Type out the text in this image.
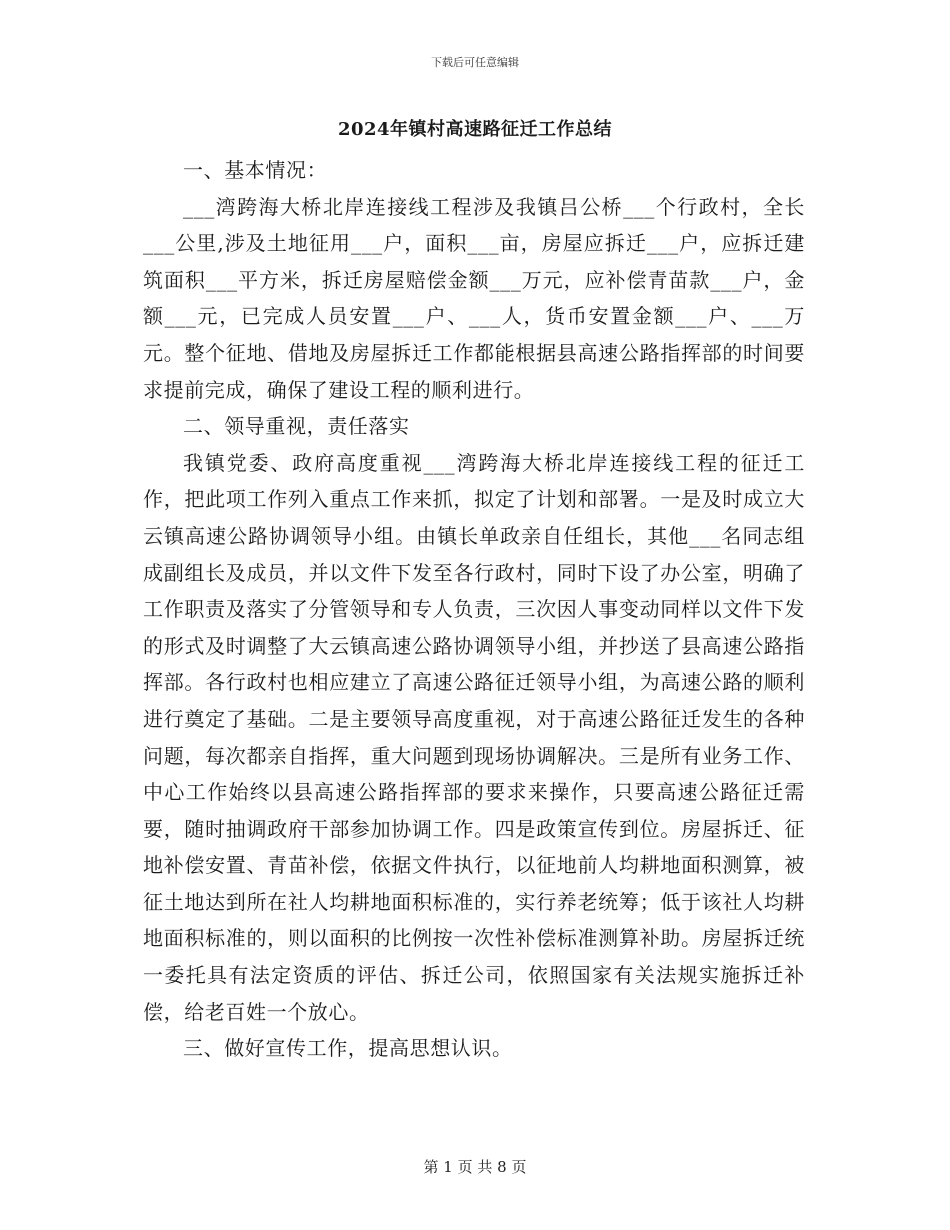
下载后可任意编辑
2024年镇村高速路征迁工作总结

一、基本情况：

___湾跨海大桥北岸连接线工程涉及我镇吕公桥___个行政村，全长___公里,涉及土地征用___户，面积___亩，房屋应拆迁___户，应拆迁建筑面积___平方米，拆迁房屋赔偿金额___万元，应补偿青苗款___户，金额___元，已完成人员安置___户、___人，货币安置金额___户、___万元。整个征地、借地及房屋拆迁工作都能根据县高速公路指挥部的时间要求提前完成，确保了建设工程的顺利进行。

二、领导重视，责任落实

我镇党委、政府高度重视___湾跨海大桥北岸连接线工程的征迁工作，把此项工作列入重点工作来抓，拟定了计划和部署。一是及时成立大云镇高速公路协调领导小组。由镇长单政亲自任组长，其他___名同志组成副组长及成员，并以文件下发至各行政村，同时下设了办公室，明确了工作职责及落实了分管领导和专人负责，三次因人事变动同样以文件下发的形式及时调整了大云镇高速公路协调领导小组，并抄送了县高速公路指挥部。各行政村也相应建立了高速公路征迁领导小组，为高速公路的顺利进行奠定了基础。二是主要领导高度重视，对于高速公路征迁发生的各种问题，每次都亲自指挥，重大问题到现场协调解决。三是所有业务工作、中心工作始终以县高速公路指挥部的要求来操作，只要高速公路征迁需要，随时抽调政府干部参加协调工作。四是政策宣传到位。房屋拆迁、征地补偿安置、青苗补偿，依据文件执行，以征地前人均耕地面积测算，被征土地达到所在社人均耕地面积标准的，实行养老统筹；低于该社人均耕地面积标准的，则以面积的比例按一次性补偿标准测算补助。房屋拆迁统一委托具有法定资质的评估、拆迁公司，依照国家有关法规实施拆迁补偿，给老百姓一个放心。

三、做好宣传工作，提高思想认识。

第 1 页 共 8 页
